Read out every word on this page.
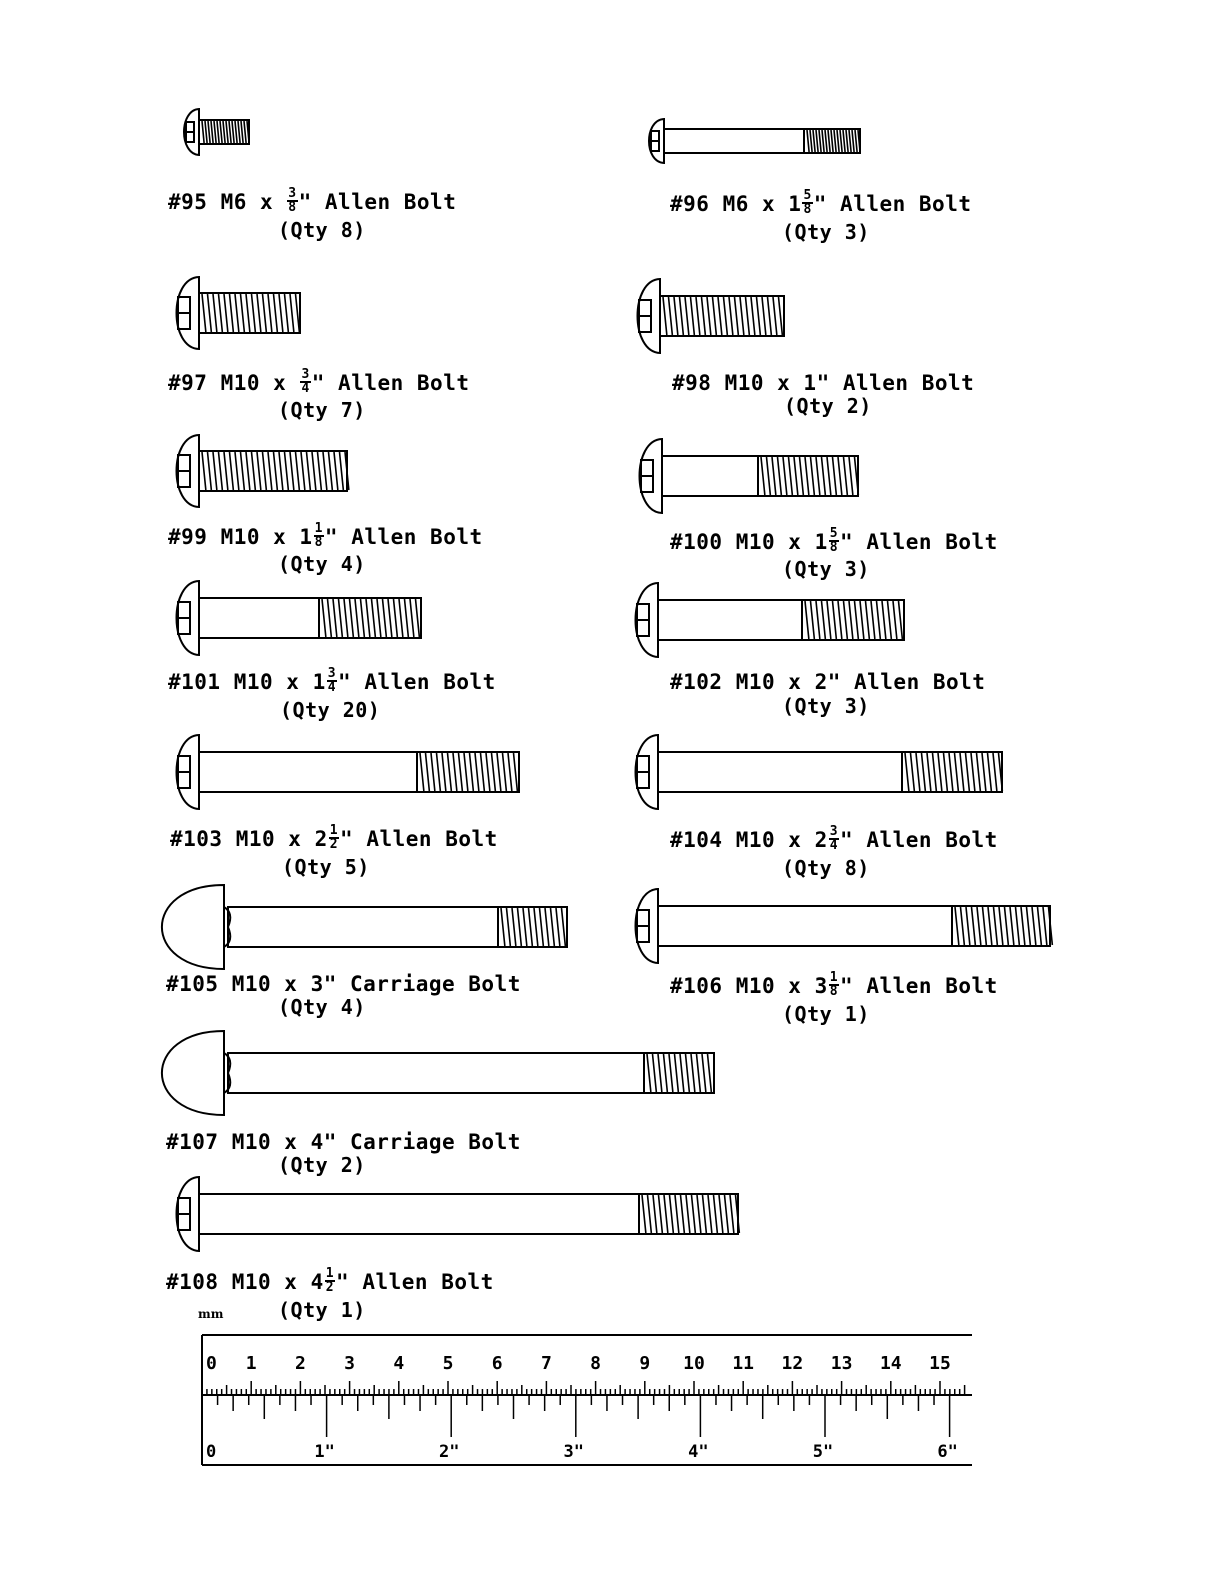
#95 M6 x $\frac{3}{8}$ " Allen Bolt
(Qty 8)
#96 M6 x $1 \frac{5}{8}$ " Allen Bolt
(Qty 3)
#97 M10 x $\frac{3}{4}$ " Allen Bolt
(Qty 7)
#98 M10 x 1" Allen Bolt
(Qty 2)
#99 M10 x $1 \frac{1}{8}$ " Allen Bolt
(Qty 4)
#100 M10 x $1 \frac{5}{8}$ " Allen Bolt
(Qty 3)
#101 M10 x $1 \frac{3}{4}$ " Allen Bolt
(Qty 20)
#102 M10 x 2" Allen Bolt
(Qty 3)
#103 M10 x $2 \frac{1}{2}$ " Allen Bolt
(Qty 5)
#104 M10 x $2 \frac{3}{4}$ " Allen Bolt
(Qty 8)
#105 M10 x 3" Carriage Bolt
(Qty 4)
#106 M10 x $3 \frac{1}{8}$ " Allen Bolt
(Qty 1)
#107 M10 x 4" Carriage Bolt
(Qty 2)
#108 M10 x $4 \frac{1}{2}$ " Allen Bolt
(Qty 1)
mm
0 1 2 3 4 5 6 7 8 9 10 11 12 13 14 15
0	1"	2"	3"	4"	5"	6"
